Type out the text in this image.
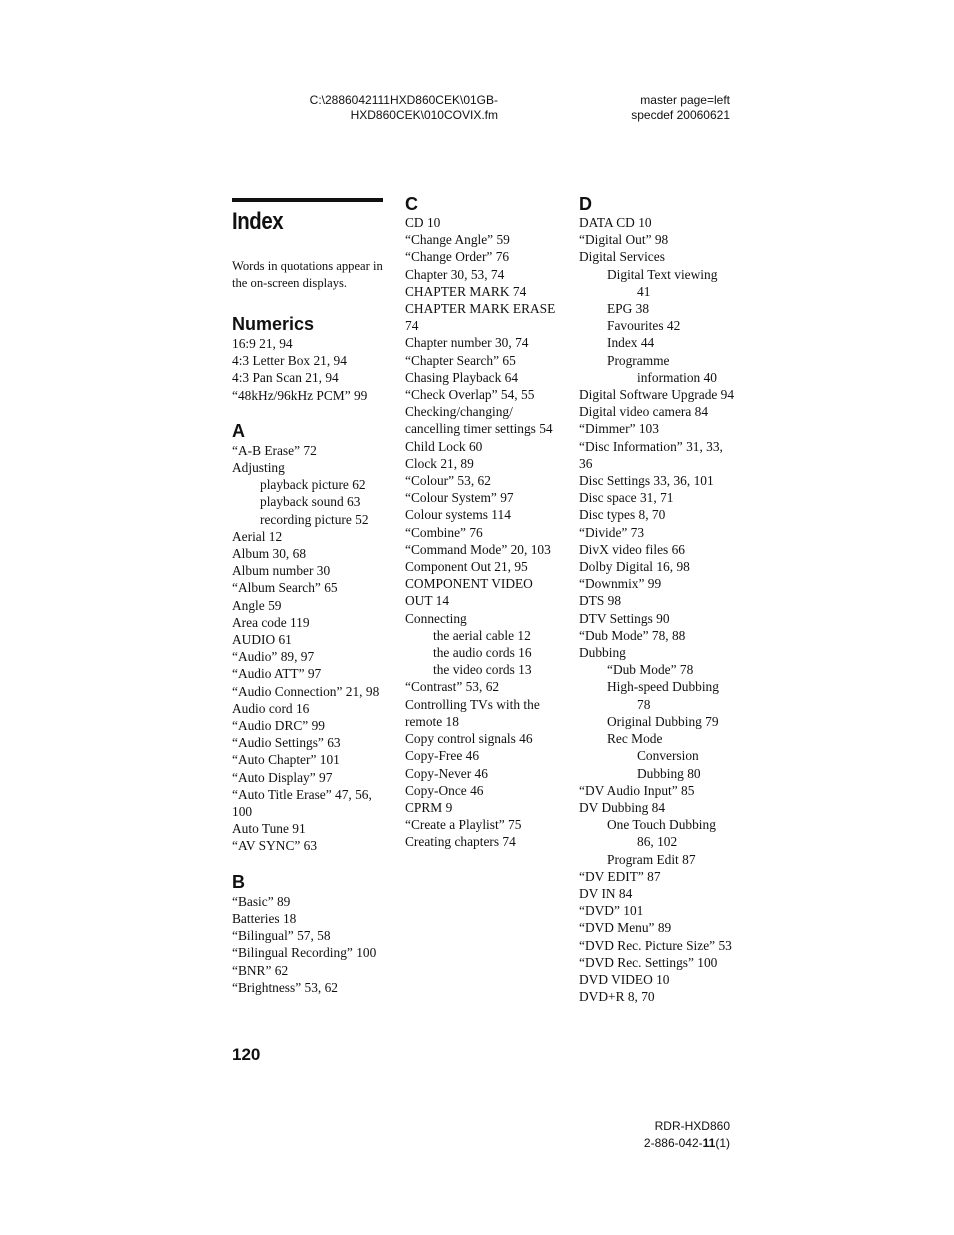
C:\2886042111HXD860CEK\01GB-
HXD860CEK\010COVIX.fm
master page=left
specdef 20060621
Index
Words in quotations appear in the on-screen displays.
Numerics
16:9 21, 94
4:3 Letter Box 21, 94
4:3 Pan Scan 21, 94
“48kHz/96kHz PCM” 99
A
“A-B Erase” 72
Adjusting
playback picture 62
playback sound 63
recording picture 52
Aerial 12
Album 30, 68
Album number 30
“Album Search” 65
Angle 59
Area code 119
AUDIO 61
“Audio” 89, 97
“Audio ATT” 97
“Audio Connection” 21, 98
Audio cord 16
“Audio DRC” 99
“Audio Settings” 63
“Auto Chapter” 101
“Auto Display” 97
“Auto Title Erase” 47, 56, 100
Auto Tune 91
“AV SYNC” 63
B
“Basic” 89
Batteries 18
“Bilingual” 57, 58
“Bilingual Recording” 100
“BNR” 62
“Brightness” 53, 62
C
CD 10
“Change Angle” 59
“Change Order” 76
Chapter 30, 53, 74
CHAPTER MARK 74
CHAPTER MARK ERASE 74
Chapter number 30, 74
“Chapter Search” 65
Chasing Playback 64
“Check Overlap” 54, 55
Checking/changing/ cancelling timer settings 54
Child Lock 60
Clock 21, 89
“Colour” 53, 62
“Colour System” 97
Colour systems 114
“Combine” 76
“Command Mode” 20, 103
Component Out 21, 95
COMPONENT VIDEO OUT 14
Connecting
the aerial cable 12
the audio cords 16
the video cords 13
“Contrast” 53, 62
Controlling TVs with the remote 18
Copy control signals 46
Copy-Free 46
Copy-Never 46
Copy-Once 46
CPRM 9
“Create a Playlist” 75
Creating chapters 74
D
DATA CD 10
“Digital Out” 98
Digital Services
Digital Text viewing
41
EPG 38
Favourites 42
Index 44
Programme
information 40
Digital Software Upgrade 94
Digital video camera 84
“Dimmer” 103
“Disc Information” 31, 33, 36
Disc Settings 33, 36, 101
Disc space 31, 71
Disc types 8, 70
“Divide” 73
DivX video files 66
Dolby Digital 16, 98
“Downmix” 99
DTS 98
DTV Settings 90
“Dub Mode” 78, 88
Dubbing
“Dub Mode” 78
High-speed Dubbing
78
Original Dubbing 79
Rec Mode
Conversion
Dubbing 80
“DV Audio Input” 85
DV Dubbing 84
One Touch Dubbing
86, 102
Program Edit 87
“DV EDIT” 87
DV IN 84
“DVD” 101
“DVD Menu” 89
“DVD Rec. Picture Size” 53
“DVD Rec. Settings” 100
DVD VIDEO 10
DVD+R 8, 70
120
RDR-HXD860
2-886-042-11(1)
